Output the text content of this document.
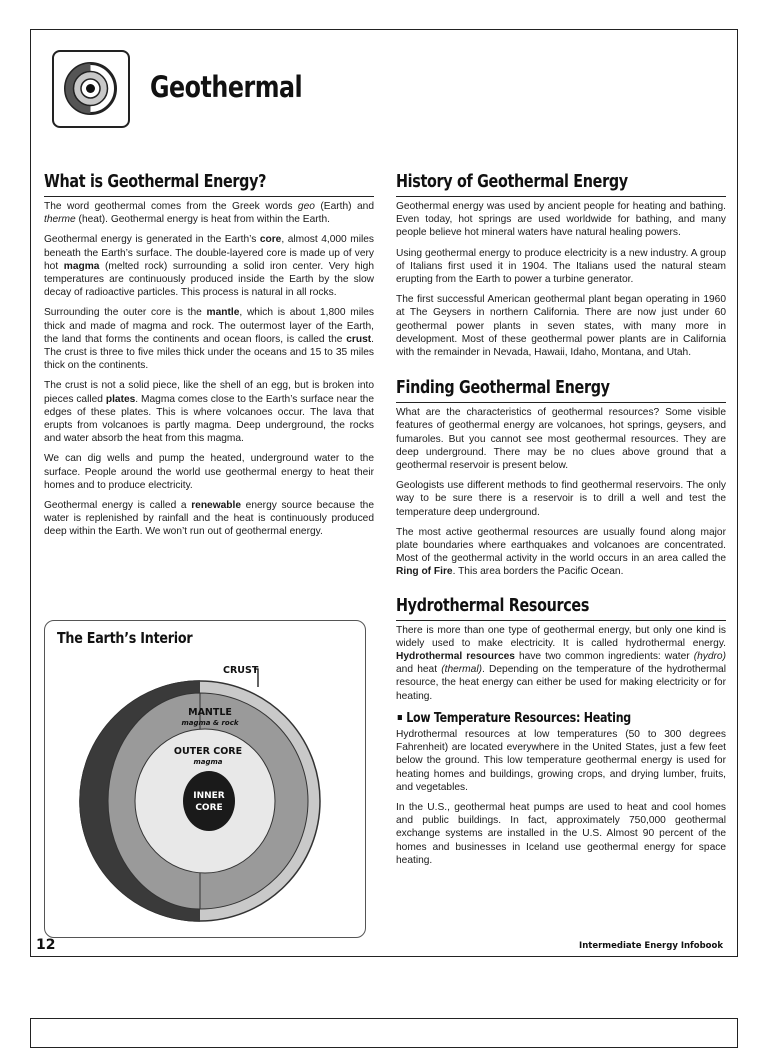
Geothermal
What is Geothermal Energy?

The word geothermal comes from the Greek words geo (Earth) and therme (heat). Geothermal energy is heat from within the Earth.

Geothermal energy is generated in the Earth’s core, almost 4,000 miles beneath the Earth’s surface. The double-layered core is made up of very hot magma (melted rock) surrounding a solid iron center. Very high temperatures are continuously produced inside the Earth by the slow decay of radioactive particles. This process is natural in all rocks.

Surrounding the outer core is the mantle, which is about 1,800 miles thick and made of magma and rock. The outermost layer of the Earth, the land that forms the continents and ocean floors, is called the crust. The crust is three to five miles thick under the oceans and 15 to 35 miles thick on the continents.

The crust is not a solid piece, like the shell of an egg, but is broken into pieces called plates. Magma comes close to the Earth’s surface near the edges of these plates. This is where volcanoes occur. The lava that erupts from volcanoes is partly magma. Deep underground, the rocks and water absorb the heat from this magma.

We can dig wells and pump the heated, underground water to the surface. People around the world use geothermal energy to heat their homes and to produce electricity.

Geothermal energy is called a renewable energy source because the water is replenished by rainfall and the heat is continuously produced deep within the Earth. We won’t run out of geothermal energy.

The Earth’s Interior
CRUST
MANTLE
magma & rock
OUTER CORE
magma
INNER
CORE
History of Geothermal Energy

Geothermal energy was used by ancient people for heating and bathing. Even today, hot springs are used worldwide for bathing, and many people believe hot mineral waters have natural healing powers.

Using geothermal energy to produce electricity is a new industry. A group of Italians first used it in 1904. The Italians used the natural steam erupting from the Earth to power a turbine generator.

The first successful American geothermal plant began operating in 1960 at The Geysers in northern California. There are now just under 60 geothermal power plants in seven states, with many more in development. Most of these geothermal power plants are in California with the remainder in Nevada, Hawaii, Idaho, Montana, and Utah.

Finding Geothermal Energy

What are the characteristics of geothermal resources? Some visible features of geothermal energy are volcanoes, hot springs, geysers, and fumaroles. But you cannot see most geothermal resources. They are deep underground. There may be no clues above ground that a geothermal reservoir is present below.

Geologists use different methods to find geothermal reservoirs. The only way to be sure there is a reservoir is to drill a well and test the temperature deep underground.

The most active geothermal resources are usually found along major plate boundaries where earthquakes and volcanoes are concentrated. Most of the geothermal activity in the world occurs in an area called the Ring of Fire. This area borders the Pacific Ocean.

Hydrothermal Resources

There is more than one type of geothermal energy, but only one kind is widely used to make electricity. It is called hydrothermal energy. Hydrothermal resources have two common ingredients: water (hydro) and heat (thermal). Depending on the temperature of the hydrothermal resource, the heat energy can either be used for making electricity or for heating.

Low Temperature Resources: Heating

Hydrothermal resources at low temperatures (50 to 300 degrees Fahrenheit) are located everywhere in the United States, just a few feet below the ground. This low temperature geothermal energy is used for heating homes and buildings, growing crops, and drying lumber, fruits, and vegetables.

In the U.S., geothermal heat pumps are used to heat and cool homes and public buildings. In fact, approximately 750,000 geothermal exchange systems are installed in the U.S. Almost 90 percent of the homes and businesses in Iceland use geothermal energy for space heating.

12	Intermediate Energy Infobook
